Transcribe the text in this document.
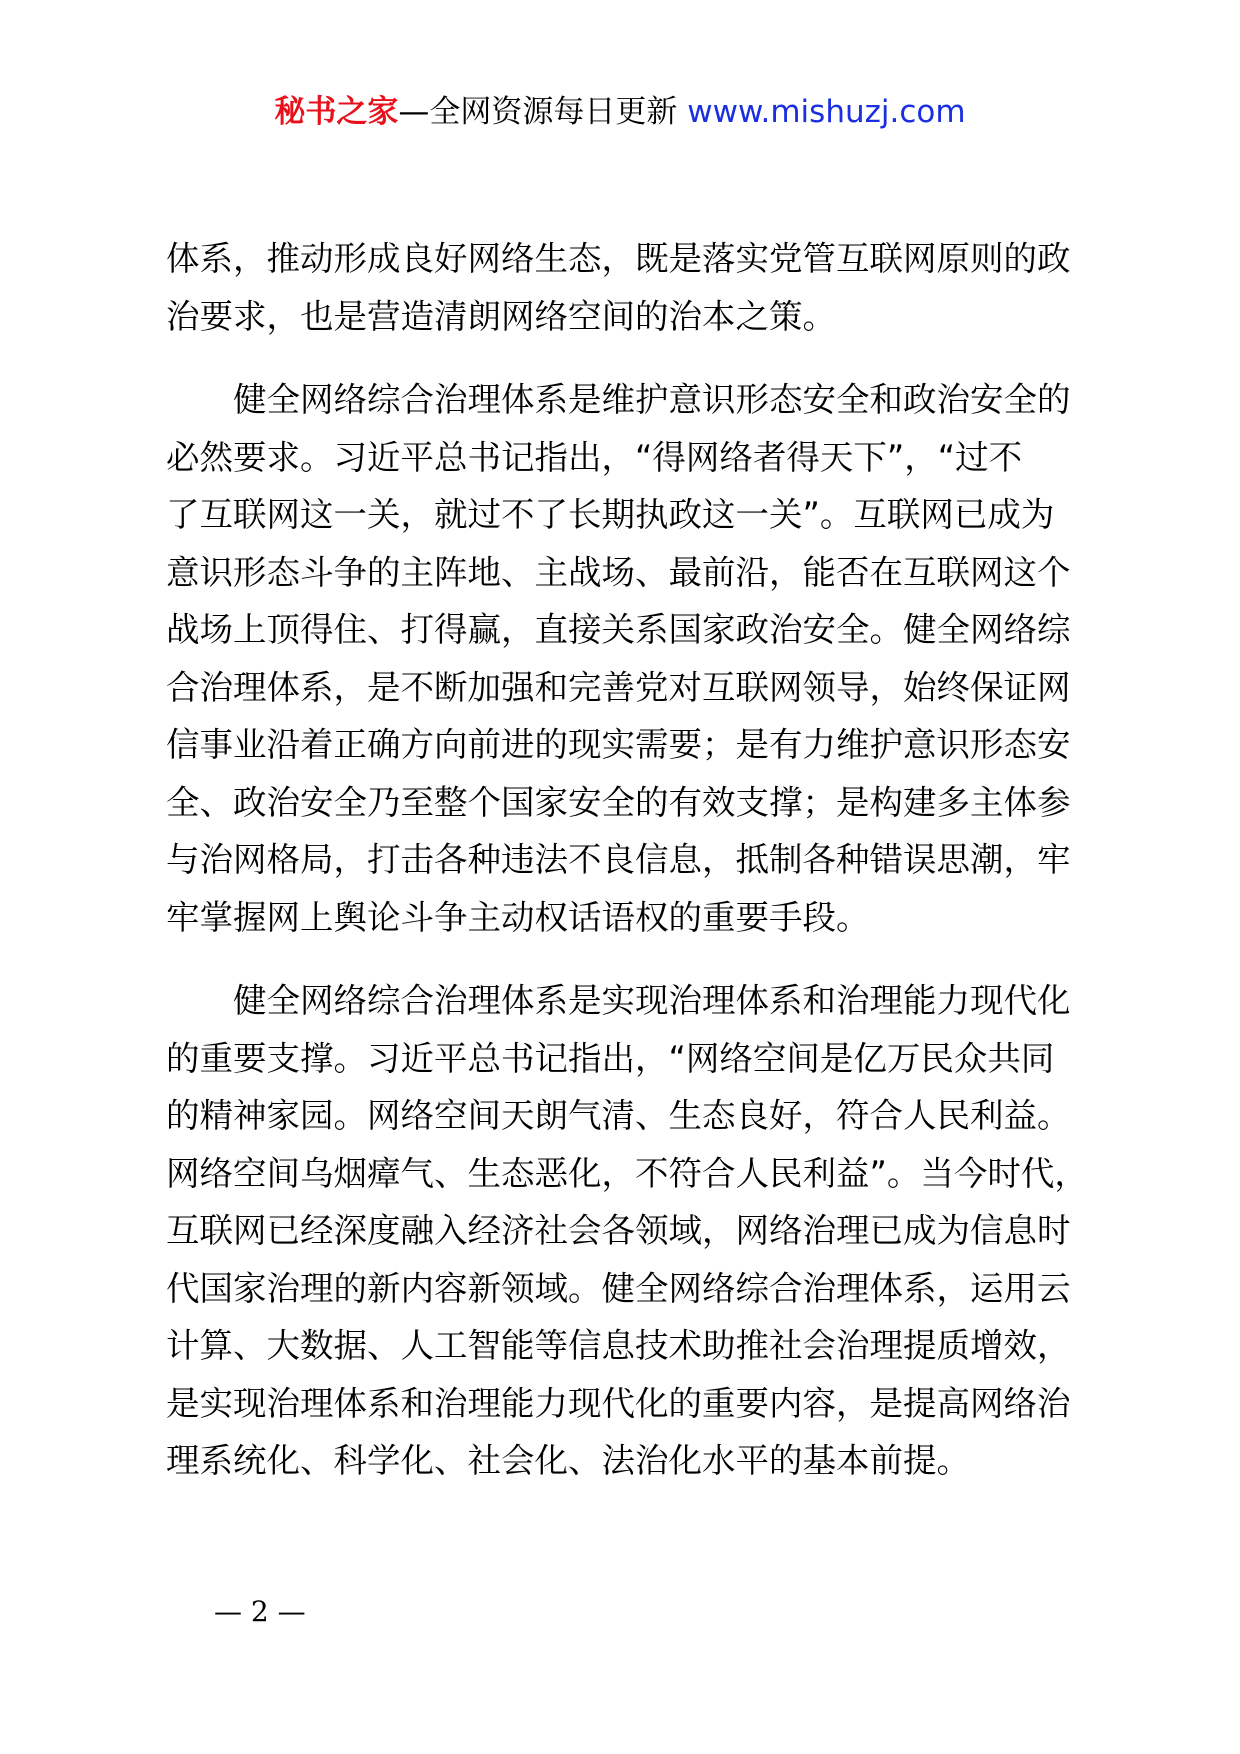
秘书之家—全网资源每日更新 www.mishuzj.com
体系，推动形成良好网络生态，既是落实党管互联网原则的政
治要求，也是营造清朗网络空间的治本之策。
健全网络综合治理体系是维护意识形态安全和政治安全的
必然要求。习近平总书记指出，“得网络者得天下”，“过不
了互联网这一关，就过不了长期执政这一关”。互联网已成为
意识形态斗争的主阵地、主战场、最前沿，能否在互联网这个
战场上顶得住、打得赢，直接关系国家政治安全。健全网络综
合治理体系，是不断加强和完善党对互联网领导，始终保证网
信事业沿着正确方向前进的现实需要；是有力维护意识形态安
全、政治安全乃至整个国家安全的有效支撑；是构建多主体参
与治网格局，打击各种违法不良信息，抵制各种错误思潮，牢
牢掌握网上舆论斗争主动权话语权的重要手段。
健全网络综合治理体系是实现治理体系和治理能力现代化
的重要支撑。习近平总书记指出，“网络空间是亿万民众共同
的精神家园。网络空间天朗气清、生态良好，符合人民利益。
网络空间乌烟瘴气、生态恶化，不符合人民利益”。当今时代，
互联网已经深度融入经济社会各领域，网络治理已成为信息时
代国家治理的新内容新领域。健全网络综合治理体系，运用云
计算、大数据、人工智能等信息技术助推社会治理提质增效，
是实现治理体系和治理能力现代化的重要内容，是提高网络治
理系统化、科学化、社会化、法治化水平的基本前提。
— 2 —
